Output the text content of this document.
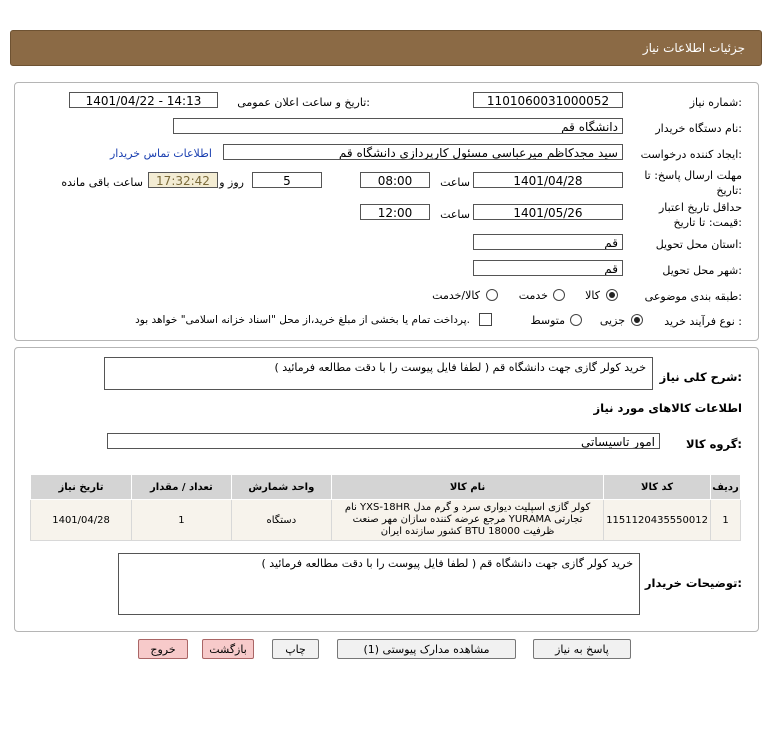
جزئیات اطلاعات نیاز
شماره نیاز:
1101060031000052
تاریخ و ساعت اعلان عمومی:
1401/04/22 - 14:13
نام دستگاه خریدار:
دانشگاه قم
ایجاد کننده درخواست:
سید مجدکاظم میرعباسی مسئول کارپردازی دانشگاه قم
اطلاعات تماس خریدار
مهلت ارسال پاسخ: تا
تاریخ:
1401/04/28
ساعت
08:00
5
روز و
17:32:42
ساعت باقی مانده
حداقل تاریخ اعتبار
قیمت: تا تاریخ:
1401/05/26
ساعت
12:00
استان محل تحویل:
قم
شهر محل تحویل:
قم
طبقه بندی موضوعی:
کالا
خدمت
کالا/خدمت
نوع فرآیند خرید :
جزیی
متوسط
پرداخت تمام یا بخشی از مبلغ خرید،از محل "اسناد خزانه اسلامی" خواهد بود.
شرح کلی نیاز:
خرید کولر گازی جهت دانشگاه قم ( لطفا فایل پیوست را با دقت مطالعه فرمائید )
اطلاعات کالاهای مورد نیاز
گروه کالا:
امور تاسیساتی
ردیف	کد کالا	نام کالا	واحد شمارش	تعداد / مقدار	تاریخ نیاز
1	1151120435550012	کولر گازی اسپلیت دیواری سرد و گرم مدل YXS-18HR نام تجارتی YURAMA مرجع عرضه کننده سازان مهر صنعت ظرفیت BTU 18000 کشور سازنده ایران	دستگاه	1	1401/04/28
توضیحات خریدار:
خرید کولر گازی جهت دانشگاه قم ( لطفا فایل پیوست را با دقت مطالعه فرمائید )
پاسخ به نیاز
مشاهده مدارک پیوستی (1)
چاپ
بازگشت
خروج
